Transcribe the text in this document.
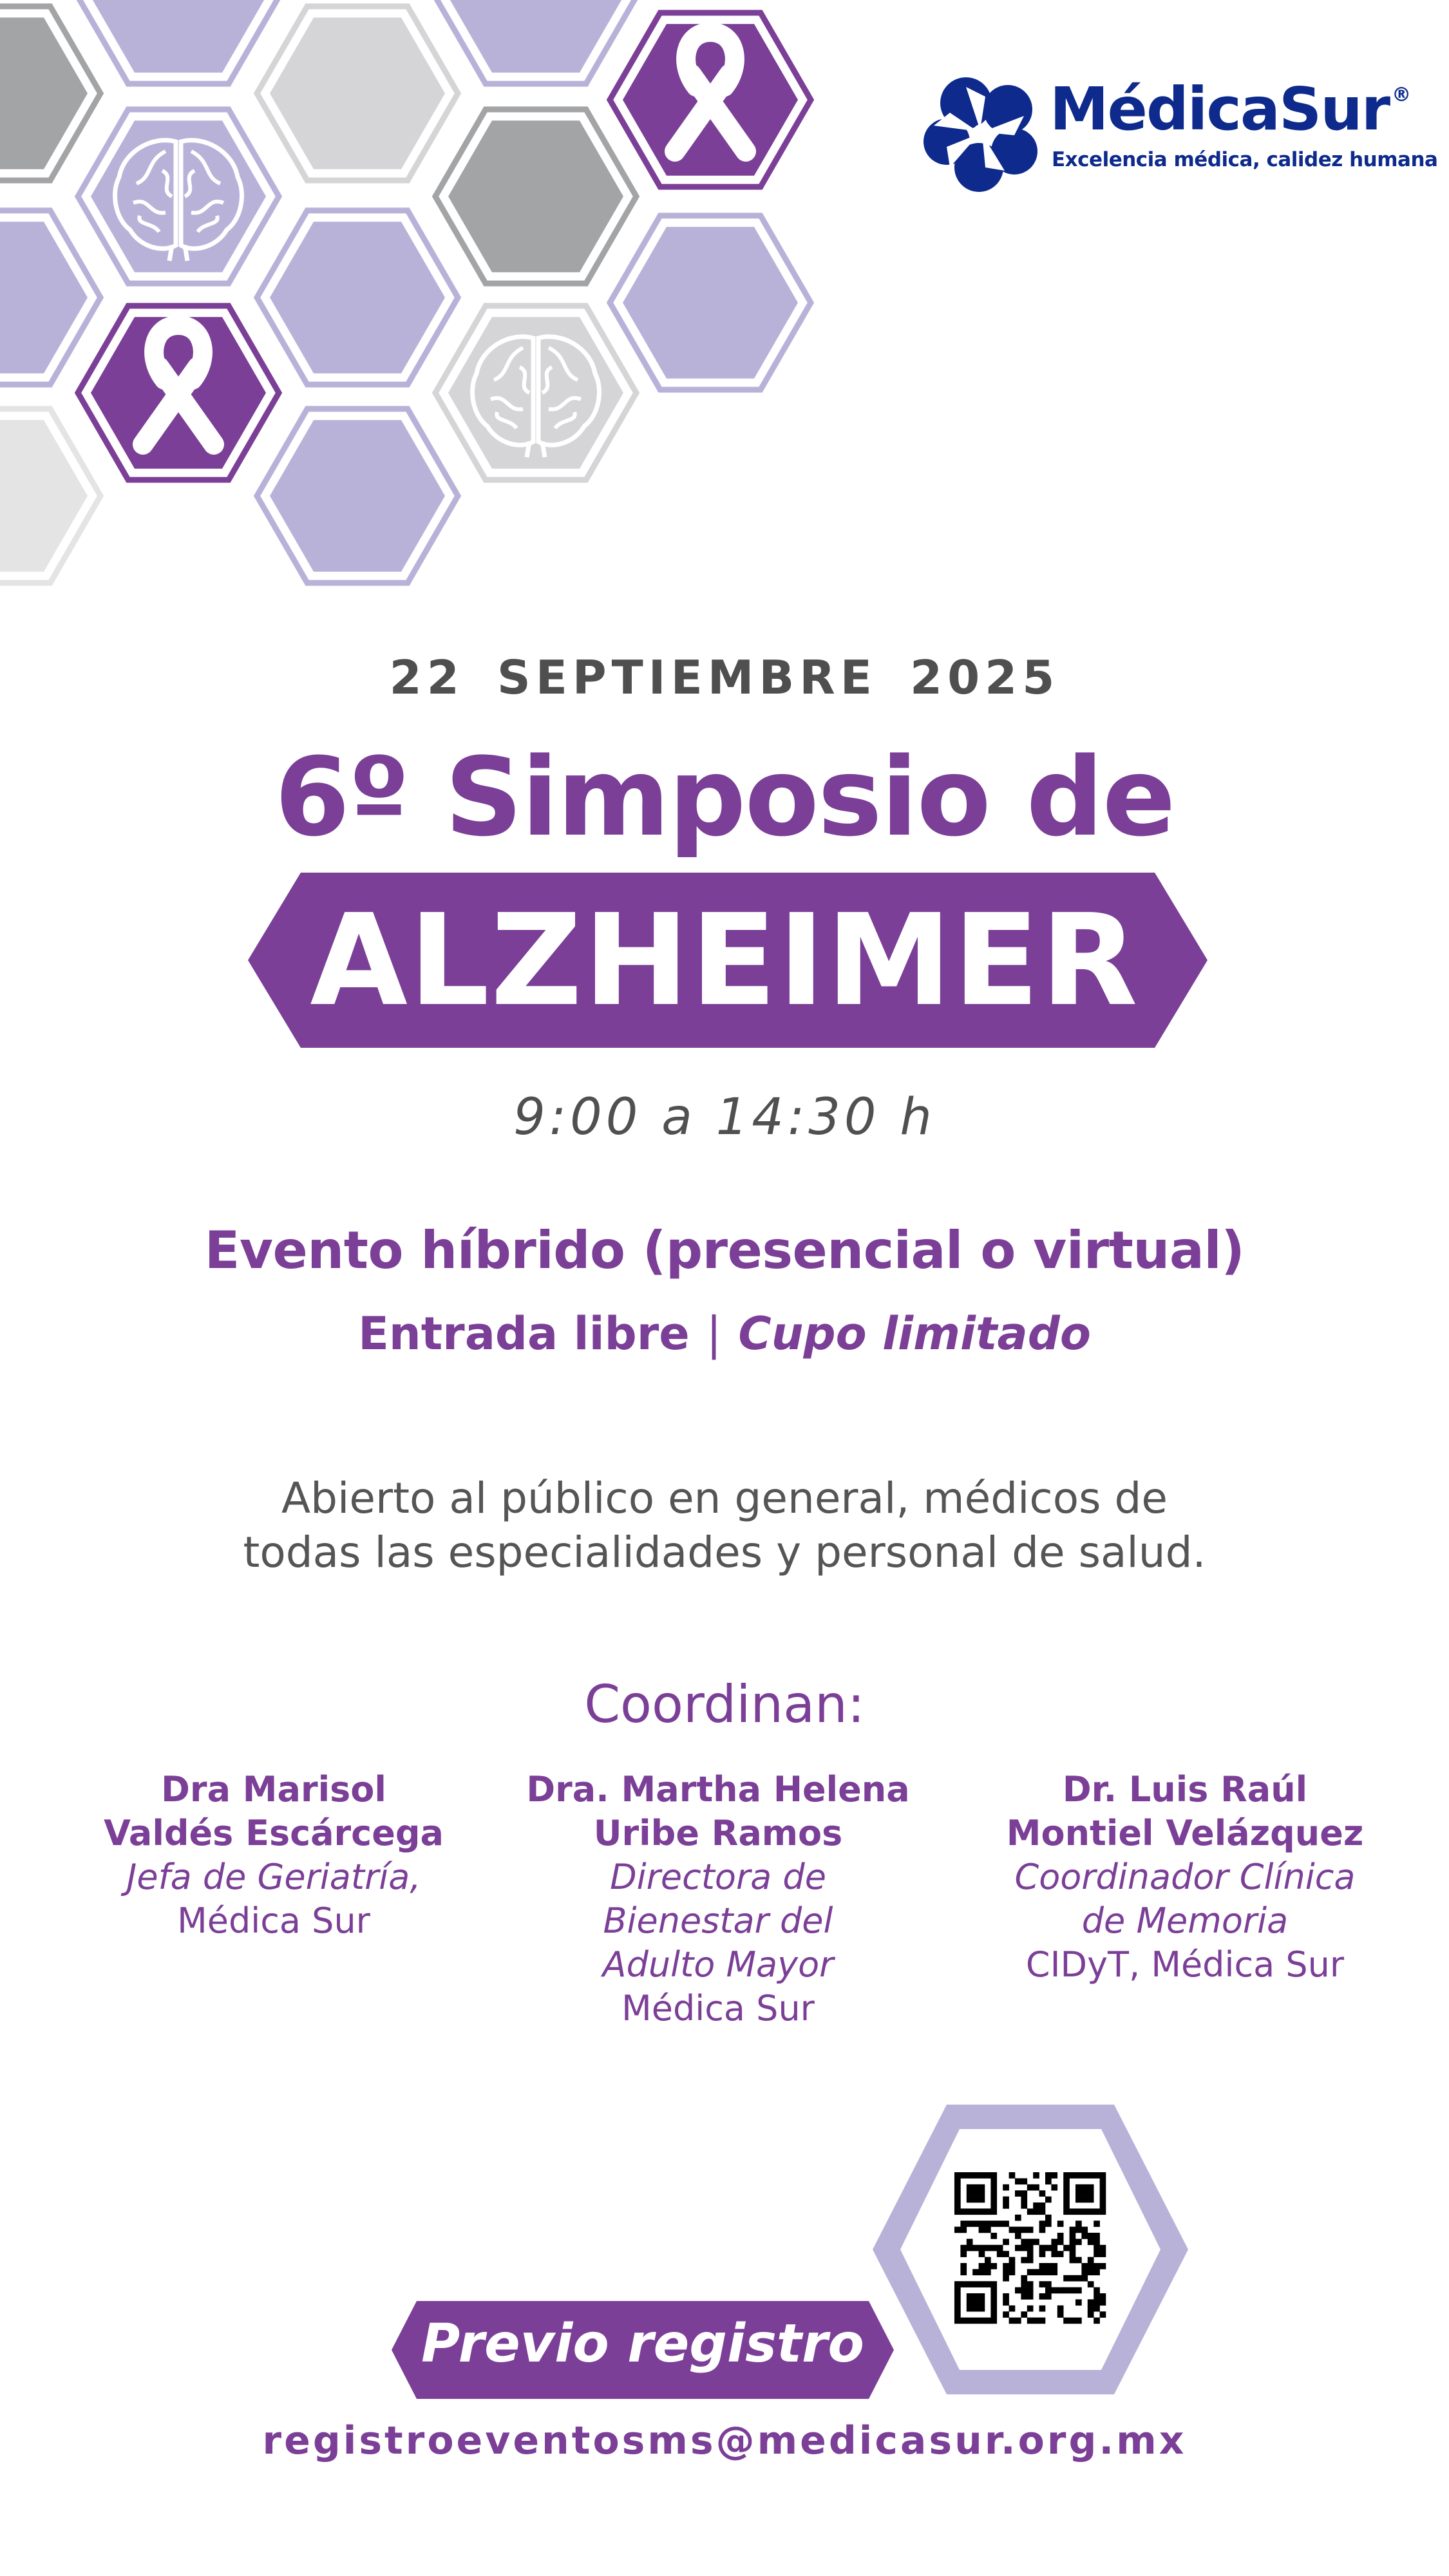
MédicaSur ®
Excelencia médica, calidez humana
22 SEPTIEMBRE 2025
6º Simposio de
ALZHEIMER
9:00 a 14:30 h
Evento híbrido (presencial o virtual)
Entrada libre | Cupo limitado
Abierto al público en general, médicos de
todas las especialidades y personal de salud.
Coordinan:
Dra Marisol
Valdés Escárcega
Jefa de Geriatría,
Médica Sur
Dra. Martha Helena
Uribe Ramos
Directora de
Bienestar del
Adulto Mayor
Médica Sur
Dr. Luis Raúl
Montiel Velázquez
Coordinador Clínica
de Memoria
CIDyT, Médica Sur
Previo registro
registroeventosms@medicasur.org.mx
